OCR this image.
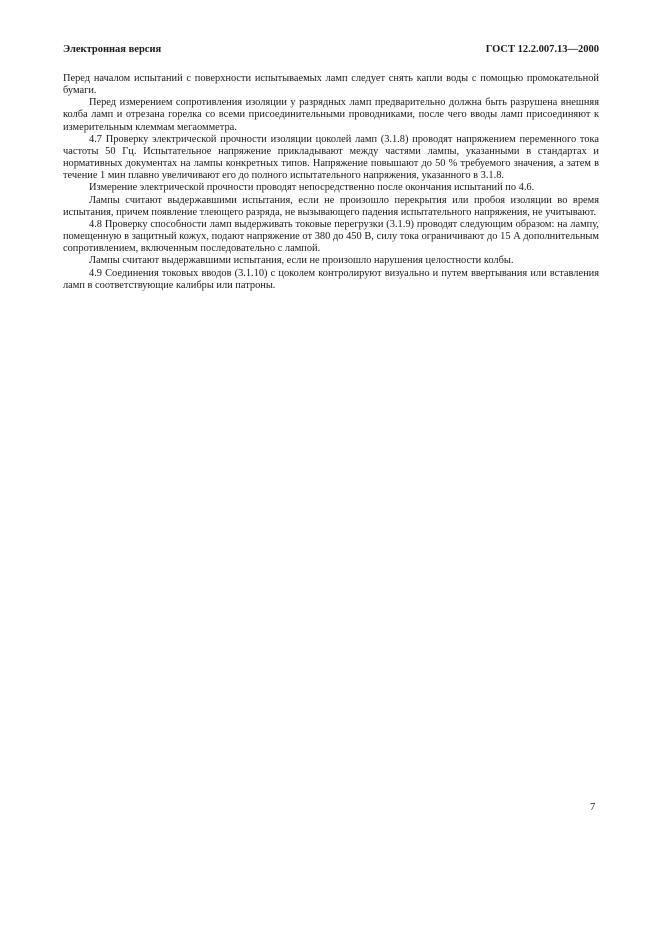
Электронная версия	ГОСТ 12.2.007.13—2000

Перед началом испытаний с поверхности испытываемых ламп следует снять капли воды с помощью промокательной бумаги.

Перед измерением сопротивления изоляции у разрядных ламп предварительно должна быть разрушена внешняя колба ламп и отрезана горелка со всеми присоединительными проводниками, после чего вводы ламп присоединяют к измерительным клеммам мегаомметра.

4.7 Проверку электрической прочности изоляции цоколей ламп (3.1.8) проводят напряжением переменного тока частоты 50 Гц. Испытательное напряжение прикладывают между частями лампы, указанными в стандартах и нормативных документах на лампы конкретных типов. Напряжение повышают до 50 % требуемого значения, а затем в течение 1 мин плавно увеличивают его до полного испытательного напряжения, указанного в 3.1.8.

Измерение электрической прочности проводят непосредственно после окончания испытаний по 4.6.

Лампы считают выдержавшими испытания, если не произошло перекрытия или пробоя изоляции во время испытания, причем появление тлеющего разряда, не вызывающего падения испытательного напряжения, не учитывают.

4.8 Проверку способности ламп выдерживать токовые перегрузки (3.1.9) проводят следующим образом: на лампу, помещенную в защитный кожух, подают напряжение от 380 до 450 В, силу тока ограничивают до 15 А дополнительным сопротивлением, включенным последовательно с лампой.

Лампы считают выдержавшими испытания, если не произошло нарушения целостности колбы.

4.9 Соединения токовых вводов (3.1.10) с цоколем контролируют визуально и путем ввертывания или вставления ламп в соответствующие калибры или патроны.

7
